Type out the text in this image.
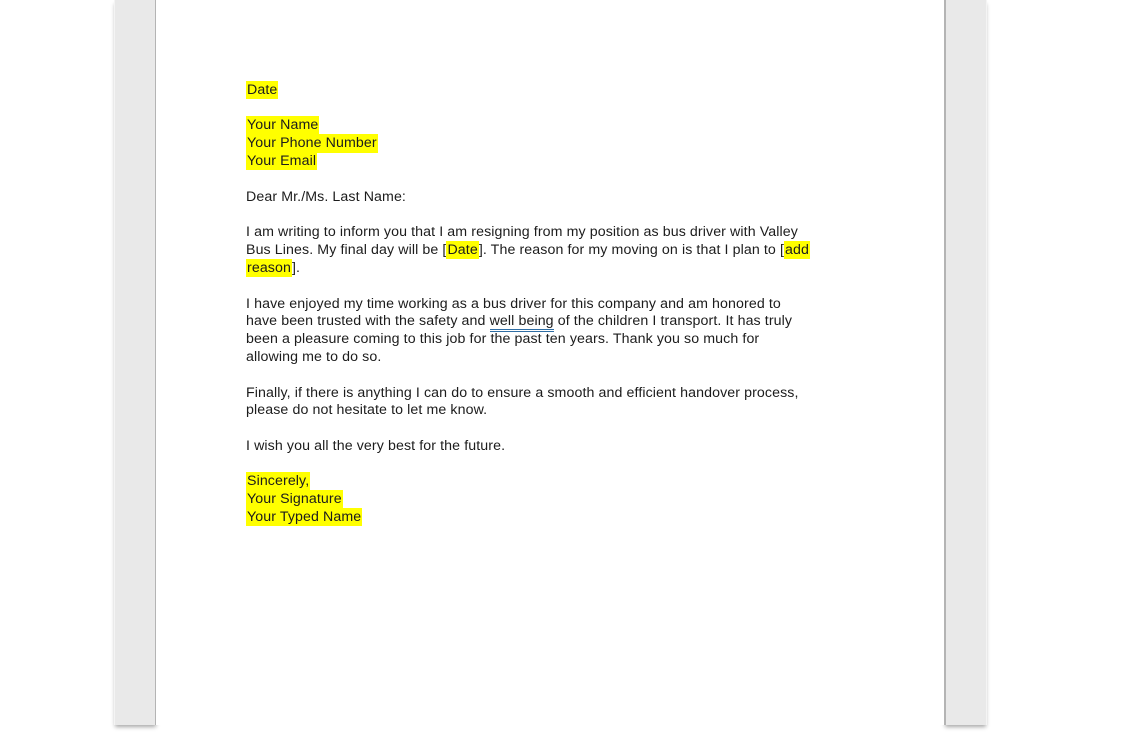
Date
Your Name
Your Phone Number
Your Email
Dear Mr./Ms. Last Name:
I am writing to inform you that I am resigning from my position as bus driver with Valley
Bus Lines. My final day will be [Date]. The reason for my moving on is that I plan to [add
reason].
I have enjoyed my time working as a bus driver for this company and am honored to
have been trusted with the safety and well being of the children I transport. It has truly
been a pleasure coming to this job for the past ten years. Thank you so much for
allowing me to do so.
Finally, if there is anything I can do to ensure a smooth and efficient handover process,
please do not hesitate to let me know.
I wish you all the very best for the future.
Sincerely,
Your Signature
Your Typed Name
